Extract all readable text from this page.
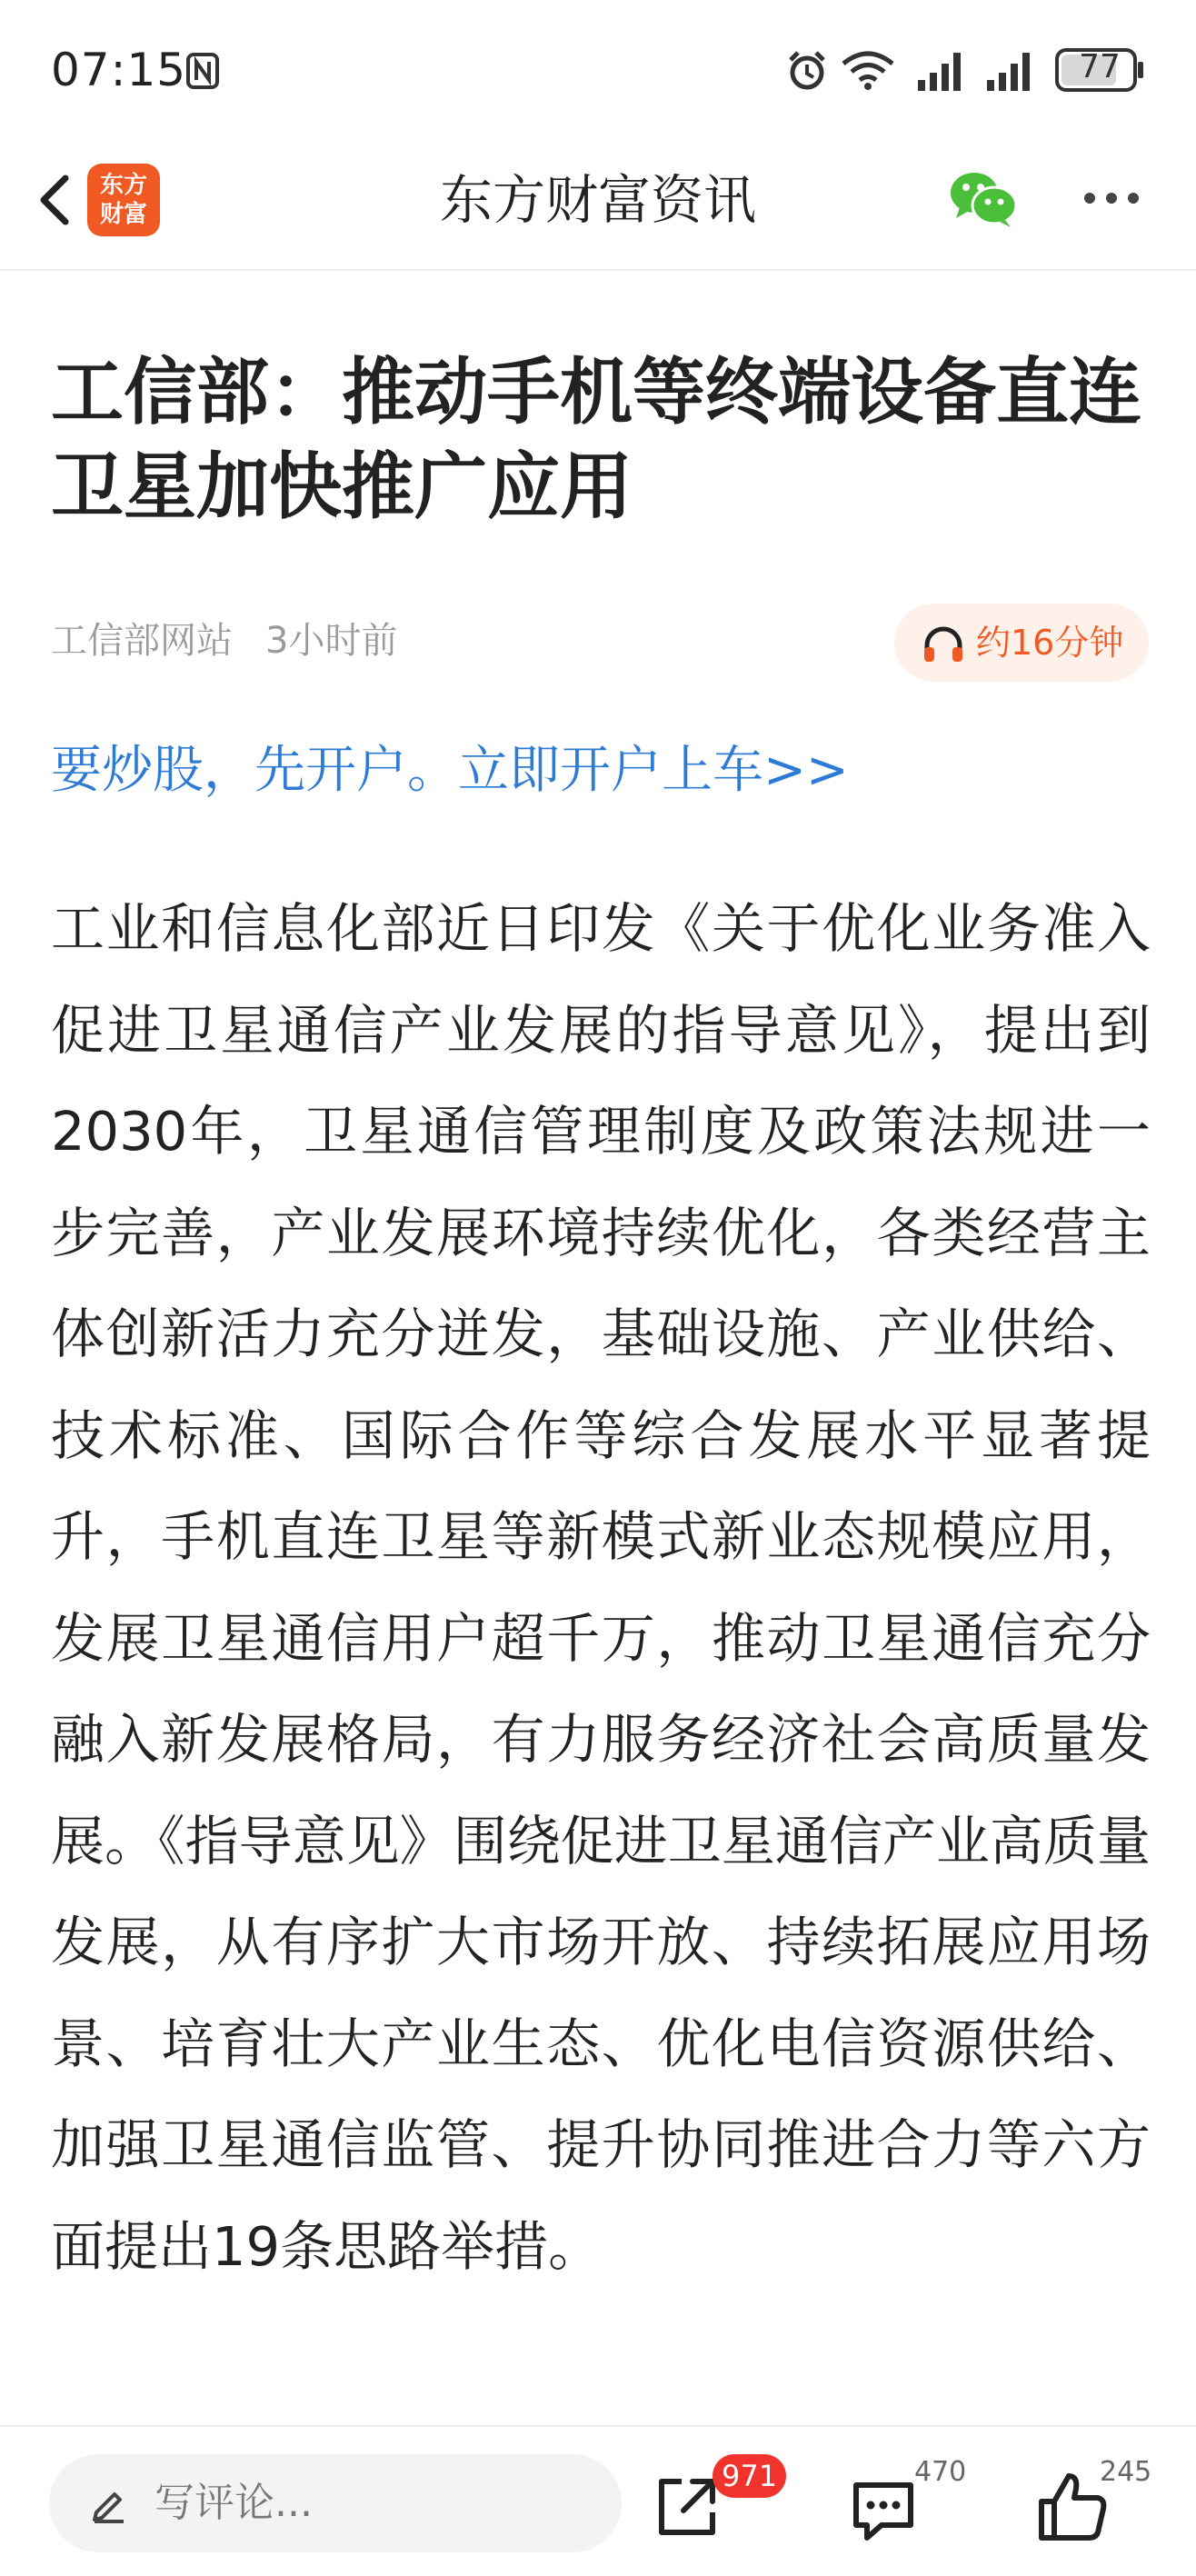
07:15	77
东方财富资讯
东方
财富
工信部：推动手机等终端设备直连卫星加快推广应用
工信部网站 3小时前	约16分钟
要炒股，先开户。立即开户上车>>

工业和信息化部近日印发《关于优化业务准入促进卫星通信产业发展的指导意见》，提出到2030年，卫星通信管理制度及政策法规进一步完善，产业发展环境持续优化，各类经营主体创新活力充分迸发，基础设施、产业供给、技术标准、国际合作等综合发展水平显著提升，手机直连卫星等新模式新业态规模应用，发展卫星通信用户超千万，推动卫星通信充分融入新发展格局，有力服务经济社会高质量发展。《指导意见》围绕促进卫星通信产业高质量发展，从有序扩大市场开放、持续拓展应用场景、培育壮大产业生态、优化电信资源供给、加强卫星通信监管、提升协同推进合力等六方面提出19条思路举措。

写评论...
971	470	245
